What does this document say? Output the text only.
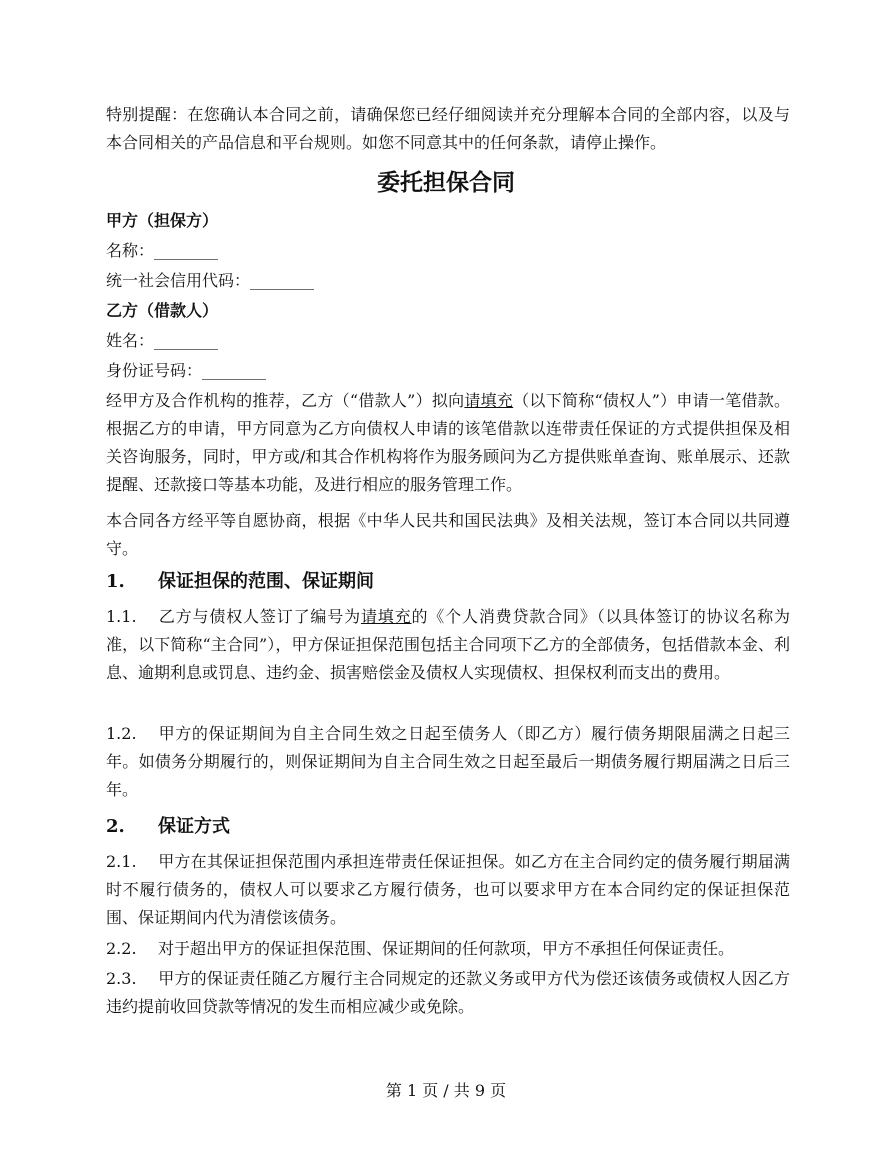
特别提醒：在您确认本合同之前，请确保您已经仔细阅读并充分理解本合同的全部内容，以及与本合同相关的产品信息和平台规则。如您不同意其中的任何条款，请停止操作。

委托担保合同

甲方（担保方）

名称：________

统一社会信用代码：________

乙方（借款人）

姓名：________

身份证号码：________

经甲方及合作机构的推荐，乙方（“借款人”）拟向请填充（以下简称“债权人”）申请一笔借款。根据乙方的申请，甲方同意为乙方向债权人申请的该笔借款以连带责任保证的方式提供担保及相关咨询服务，同时，甲方或/和其合作机构将作为服务顾问为乙方提供账单查询、账单展示、还款提醒、还款接口等基本功能，及进行相应的服务管理工作。

本合同各方经平等自愿协商，根据《中华人民共和国民法典》及相关法规，签订本合同以共同遵守。

1. 保证担保的范围、保证期间

1.1. 乙方与债权人签订了编号为请填充的《个人消费贷款合同》（以具体签订的协议名称为准，以下简称“主合同”），甲方保证担保范围包括主合同项下乙方的全部债务，包括借款本金、利息、逾期利息或罚息、违约金、损害赔偿金及债权人实现债权、担保权利而支出的费用。

1.2. 甲方的保证期间为自主合同生效之日起至债务人（即乙方）履行债务期限届满之日起三年。如债务分期履行的，则保证期间为自主合同生效之日起至最后一期债务履行期届满之日后三年。

2. 保证方式

2.1. 甲方在其保证担保范围内承担连带责任保证担保。如乙方在主合同约定的债务履行期届满时不履行债务的，债权人可以要求乙方履行债务，也可以要求甲方在本合同约定的保证担保范围、保证期间内代为清偿该债务。

2.2. 对于超出甲方的保证担保范围、保证期间的任何款项，甲方不承担任何保证责任。

2.3. 甲方的保证责任随乙方履行主合同规定的还款义务或甲方代为偿还该债务或债权人因乙方违约提前收回贷款等情况的发生而相应减少或免除。

第 1 页 / 共 9 页
